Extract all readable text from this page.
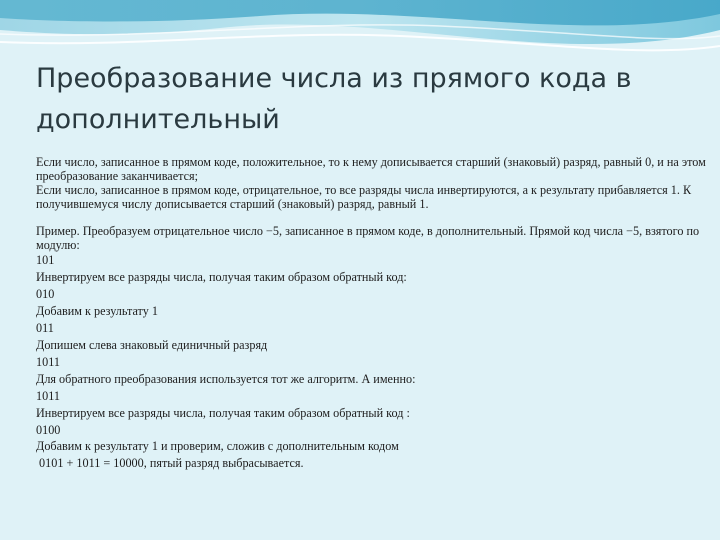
Преобразование числа из прямого кода в дополнительный

Если число, записанное в прямом коде, положительное, то к нему дописывается старший (знаковый) разряд, равный 0, и на этом преобразование заканчивается;

Если число, записанное в прямом коде, отрицательное, то все разряды числа инвертируются, а к результату прибавляется 1. К получившемуся числу дописывается старший (знаковый) разряд, равный 1.

Пример. Преобразуем отрицательное число −5, записанное в прямом коде, в дополнительный. Прямой код числа −5, взятого по модулю:

101
Инвертируем все разряды числа, получая таким образом обратный код:
010
Добавим к результату 1
011
Допишем слева знаковый единичный разряд
1011
Для обратного преобразования используется тот же алгоритм. А именно:
1011
Инвертируем все разряды числа, получая таким образом обратный код :
0100
Добавим к результату 1 и проверим, сложив с дополнительным кодом
0101 + 1011 = 10000, пятый разряд выбрасывается.
